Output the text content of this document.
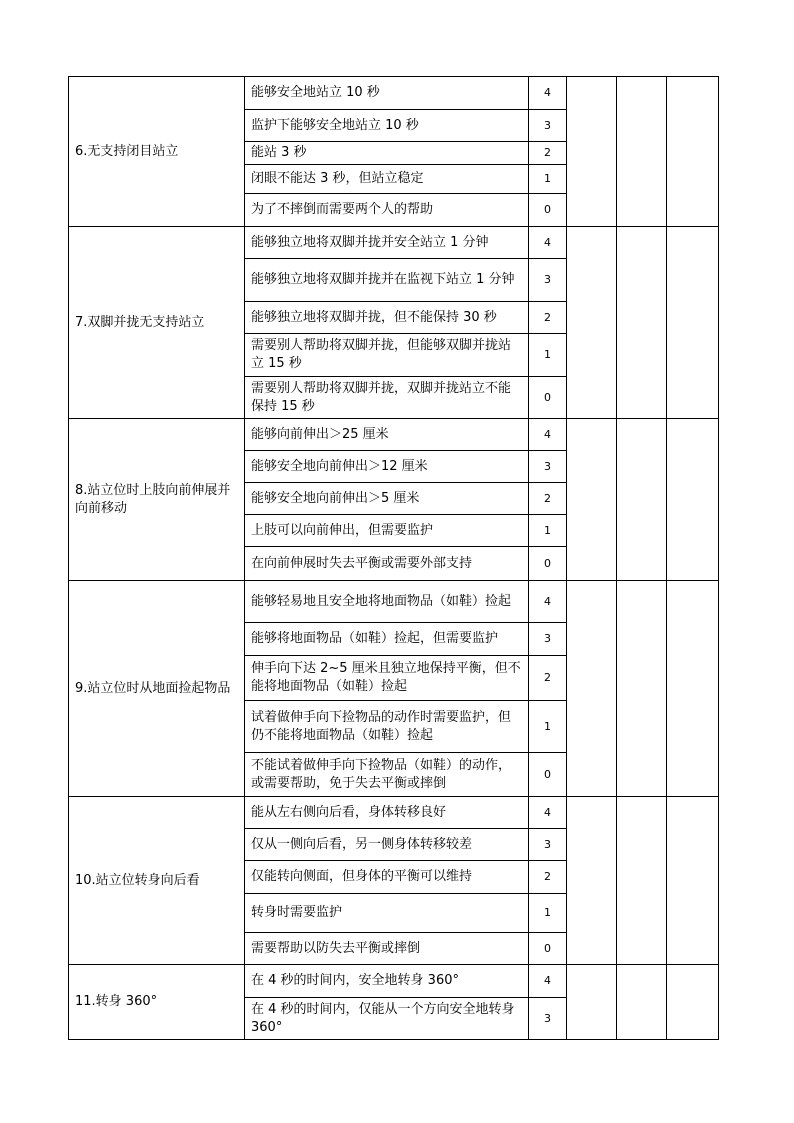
6.无支持闭目站立	能够安全地站立 10 秒	4			
	监护下能够安全地站立 10 秒	3			
	能站 3 秒	2			
	闭眼不能达 3 秒，但站立稳定	1			
	为了不摔倒而需要两个人的帮助	0			
7.双脚并拢无支持站立	能够独立地将双脚并拢并安全站立 1 分钟	4			
	能够独立地将双脚并拢并在监视下站立 1 分钟	3			
	能够独立地将双脚并拢，但不能保持 30 秒	2			
	需要别人帮助将双脚并拢，但能够双脚并拢站立 15 秒	1			
	需要别人帮助将双脚并拢，双脚并拢站立不能保持 15 秒	0			
8.站立位时上肢向前伸展并向前移动	能够向前伸出＞25 厘米	4			
	能够安全地向前伸出＞12 厘米	3			
	能够安全地向前伸出＞5 厘米	2			
	上肢可以向前伸出，但需要监护	1			
	在向前伸展时失去平衡或需要外部支持	0			
9.站立位时从地面捡起物品	能够轻易地且安全地将地面物品（如鞋）捡起	4			
	能够将地面物品（如鞋）捡起，但需要监护	3			
	伸手向下达 2~5 厘米且独立地保持平衡，但不能将地面物品（如鞋）捡起	2			
	试着做伸手向下捡物品的动作时需要监护，但仍不能将地面物品（如鞋）捡起	1			
	不能试着做伸手向下捡物品（如鞋）的动作，或需要帮助，免于失去平衡或摔倒	0			
10.站立位转身向后看	能从左右侧向后看，身体转移良好	4			
	仅从一侧向后看，另一侧身体转移较差	3			
	仅能转向侧面，但身体的平衡可以维持	2			
	转身时需要监护	1			
	需要帮助以防失去平衡或摔倒	0			
11.转身 360°	在 4 秒的时间内，安全地转身 360°	4			
	在 4 秒的时间内，仅能从一个方向安全地转身 360°	3			
